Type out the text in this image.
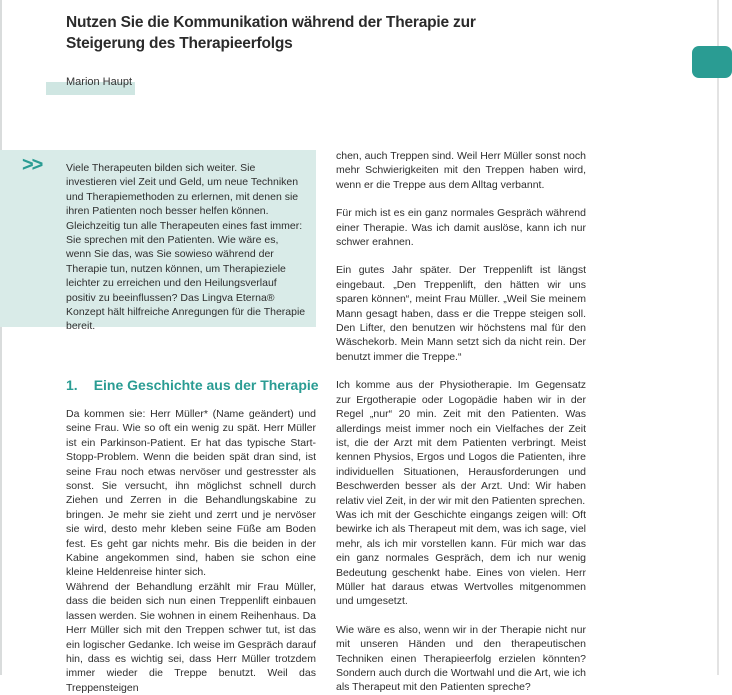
Nutzen Sie die Kommunikation während der Therapie zur Steigerung des Therapieerfolgs
Marion Haupt
>> Viele Therapeuten bilden sich weiter. Sie investieren viel Zeit und Geld, um neue Techniken und Therapiemethoden zu erlernen, mit denen sie ihren Patienten noch besser helfen können. Gleichzeitig tun alle Therapeuten eines fast immer: Sie sprechen mit den Patienten. Wie wäre es, wenn Sie das, was Sie sowieso während der Therapie tun, nutzen können, um Therapieziele leichter zu erreichen und den Heilungsverlauf positiv zu beeinflussen? Das Lingva Eterna® Konzept hält hilfreiche Anregungen für die Therapie bereit.

1. Eine Geschichte aus der Therapie

Da kommen sie: Herr Müller* (Name geändert) und seine Frau. Wie so oft ein wenig zu spät. Herr Müller ist ein Parkinson-Patient. Er hat das typische Start-Stopp-Problem. Wenn die beiden spät dran sind, ist seine Frau noch etwas nervöser und gestresster als sonst. Sie versucht, ihn möglichst schnell durch Ziehen und Zerren in die Behandlungskabine zu bringen. Je mehr sie zieht und zerrt und je nervöser sie wird, desto mehr kleben seine Füße am Boden fest. Es geht gar nichts mehr. Bis die beiden in der Kabine angekommen sind, haben sie schon eine kleine Heldenreise hinter sich.

Während der Behandlung erzählt mir Frau Müller, dass die beiden sich nun einen Treppenlift einbauen lassen werden. Sie wohnen in einem Reihenhaus. Da Herr Müller sich mit den Treppen schwer tut, ist das ein logischer Gedanke. Ich weise im Gespräch darauf hin, dass es wichtig sei, dass Herr Müller trotzdem immer wieder die Treppe benutzt. Weil das Treppensteigen

chen, auch Treppen sind. Weil Herr Müller sonst noch mehr Schwierigkeiten mit den Treppen haben wird, wenn er die Treppe aus dem Alltag verbannt.

Für mich ist es ein ganz normales Gespräch während einer Therapie. Was ich damit auslöse, kann ich nur schwer erahnen.

Ein gutes Jahr später. Der Treppenlift ist längst eingebaut. „Den Treppenlift, den hätten wir uns sparen können“, meint Frau Müller. „Weil Sie meinem Mann gesagt haben, dass er die Treppe steigen soll. Den Lifter, den benutzen wir höchstens mal für den Wäschekorb. Mein Mann setzt sich da nicht rein. Der benutzt immer die Treppe.“

Ich komme aus der Physiotherapie. Im Gegensatz zur Ergotherapie oder Logopädie haben wir in der Regel „nur“ 20 min. Zeit mit den Patienten. Was allerdings meist immer noch ein Vielfaches der Zeit ist, die der Arzt mit dem Patienten verbringt. Meist kennen Physios, Ergos und Logos die Patienten, ihre individuellen Situationen, Herausforderungen und Beschwerden besser als der Arzt. Und: Wir haben relativ viel Zeit, in der wir mit den Patienten sprechen.

Was ich mit der Geschichte eingangs zeigen will: Oft bewirke ich als Therapeut mit dem, was ich sage, viel mehr, als ich mir vorstellen kann. Für mich war das ein ganz normales Gespräch, dem ich nur wenig Bedeutung geschenkt habe. Eines von vielen. Herr Müller hat daraus etwas Wertvolles mitgenommen und umgesetzt.

Wie wäre es also, wenn wir in der Therapie nicht nur mit unseren Händen und den therapeutischen Techniken einen Therapieerfolg erzielen könnten? Sondern auch durch die Wortwahl und die Art, wie ich als Therapeut mit den Patienten spreche?
